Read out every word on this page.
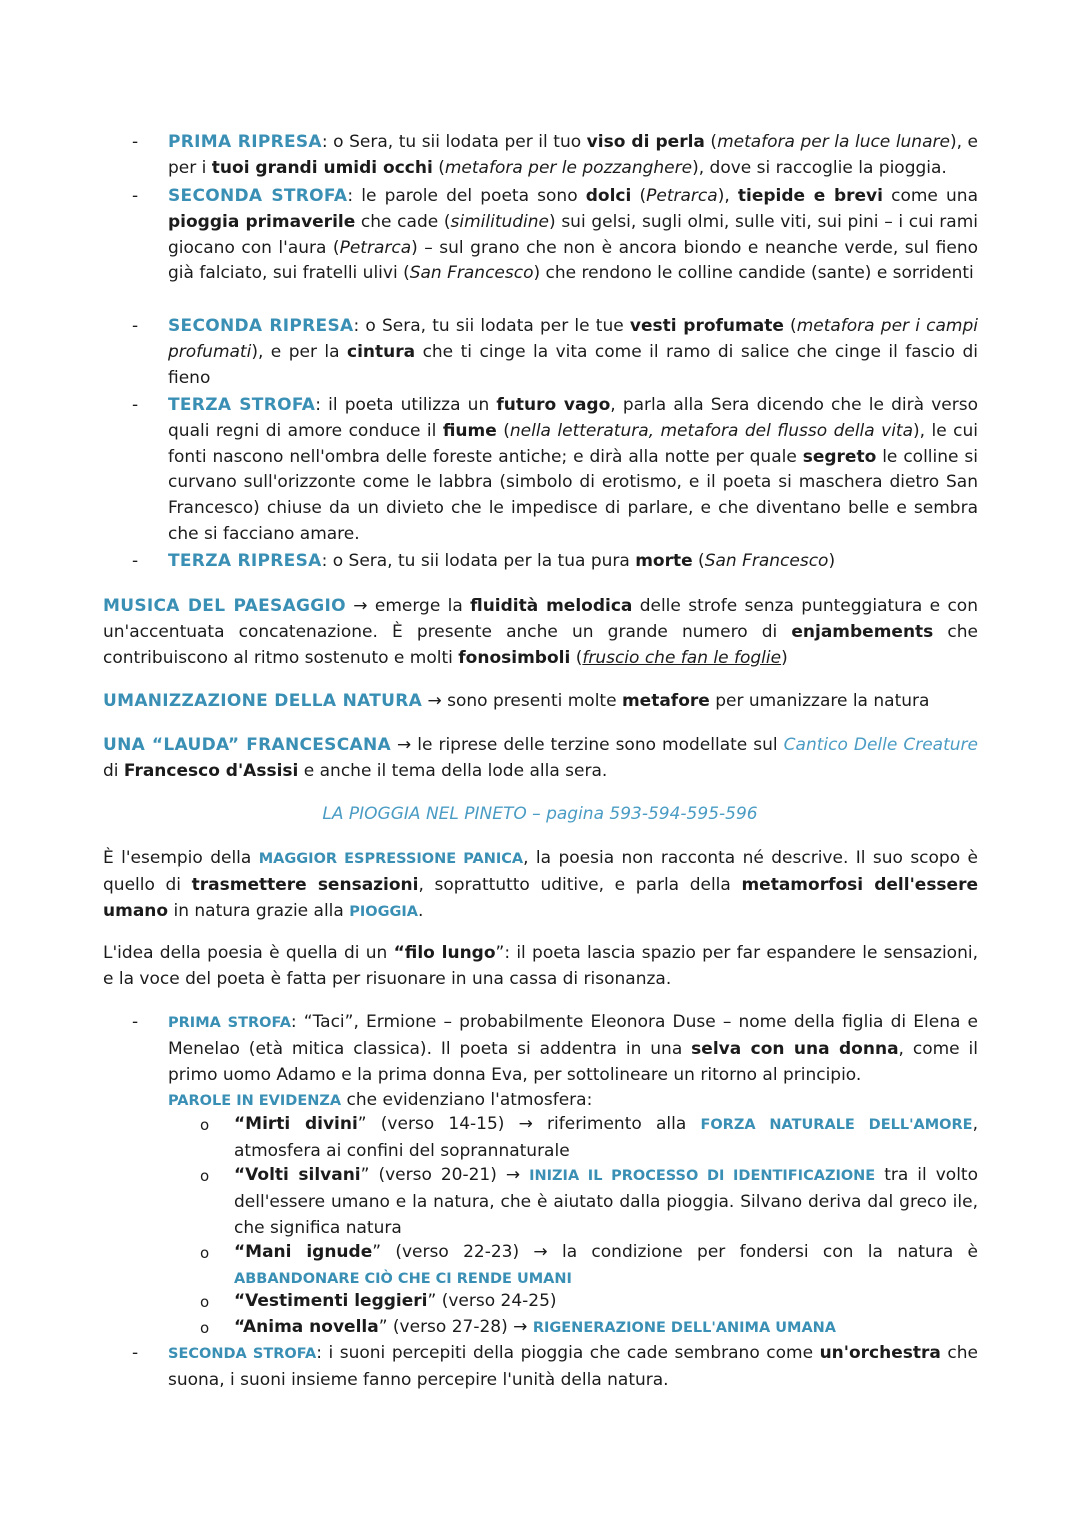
- PRIMA RIPRESA: o Sera, tu sii lodata per il tuo viso di perla (metafora per la luce lunare), e per i tuoi grandi umidi occhi (metafora per le pozzanghere), dove si raccoglie la pioggia.

- SECONDA STROFA: le parole del poeta sono dolci (Petrarca), tiepide e brevi come una pioggia primaverile che cade (similitudine) sui gelsi, sugli olmi, sulle viti, sui pini – i cui rami giocano con l'aura (Petrarca) – sul grano che non è ancora biondo e neanche verde, sul fieno già falciato, sui fratelli ulivi (San Francesco) che rendono le colline candide (sante) e sorridenti

- SECONDA RIPRESA: o Sera, tu sii lodata per le tue vesti profumate (metafora per i campi profumati), e per la cintura che ti cinge la vita come il ramo di salice che cinge il fascio di fieno

- TERZA STROFA: il poeta utilizza un futuro vago, parla alla Sera dicendo che le dirà verso quali regni di amore conduce il fiume (nella letteratura, metafora del flusso della vita), le cui fonti nascono nell'ombra delle foreste antiche; e dirà alla notte per quale segreto le colline si curvano sull'orizzonte come le labbra (simbolo di erotismo, e il poeta si maschera dietro San Francesco) chiuse da un divieto che le impedisce di parlare, e che diventano belle e sembra che si facciano amare.

- TERZA RIPRESA: o Sera, tu sii lodata per la tua pura morte (San Francesco)

MUSICA DEL PAESAGGIO → emerge la fluidità melodica delle strofe senza punteggiatura e con un'accentuata concatenazione. È presente anche un grande numero di enjambements che contribuiscono al ritmo sostenuto e molti fonosimboli (fruscio che fan le foglie)

UMANIZZAZIONE DELLA NATURA → sono presenti molte metafore per umanizzare la natura

UNA “LAUDA” FRANCESCANA → le riprese delle terzine sono modellate sul Cantico Delle Creature di Francesco d'Assisi e anche il tema della lode alla sera.

LA PIOGGIA NEL PINETO – pagina 593-594-595-596

È l'esempio della MAGGIOR ESPRESSIONE PANICA, la poesia non racconta né descrive. Il suo scopo è quello di trasmettere sensazioni, soprattutto uditive, e parla della metamorfosi dell'essere umano in natura grazie alla PIOGGIA.

L'idea della poesia è quella di un “filo lungo”: il poeta lascia spazio per far espandere le sensazioni, e la voce del poeta è fatta per risuonare in una cassa di risonanza.

- PRIMA STROFA: “Taci”, Ermione – probabilmente Eleonora Duse – nome della figlia di Elena e Menelao (età mitica classica). Il poeta si addentra in una selva con una donna, come il primo uomo Adamo e la prima donna Eva, per sottolineare un ritorno al principio.
PAROLE IN EVIDENZA che evidenziano l'atmosfera:

o “Mirti divini” (verso 14-15) → riferimento alla FORZA NATURALE DELL'AMORE, atmosfera ai confini del soprannaturale

o “Volti silvani” (verso 20-21) → INIZIA IL PROCESSO DI IDENTIFICAZIONE tra il volto dell'essere umano e la natura, che è aiutato dalla pioggia. Silvano deriva dal greco ile, che significa natura

o “Mani ignude” (verso 22-23) → la condizione per fondersi con la natura è ABBANDONARE CIÒ CHE CI RENDE UMANI

o “Vestimenti leggieri” (verso 24-25)

o “Anima novella” (verso 27-28) → RIGENERAZIONE DELL'ANIMA UMANA

- SECONDA STROFA: i suoni percepiti della pioggia che cade sembrano come un'orchestra che suona, i suoni insieme fanno percepire l'unità della natura.
